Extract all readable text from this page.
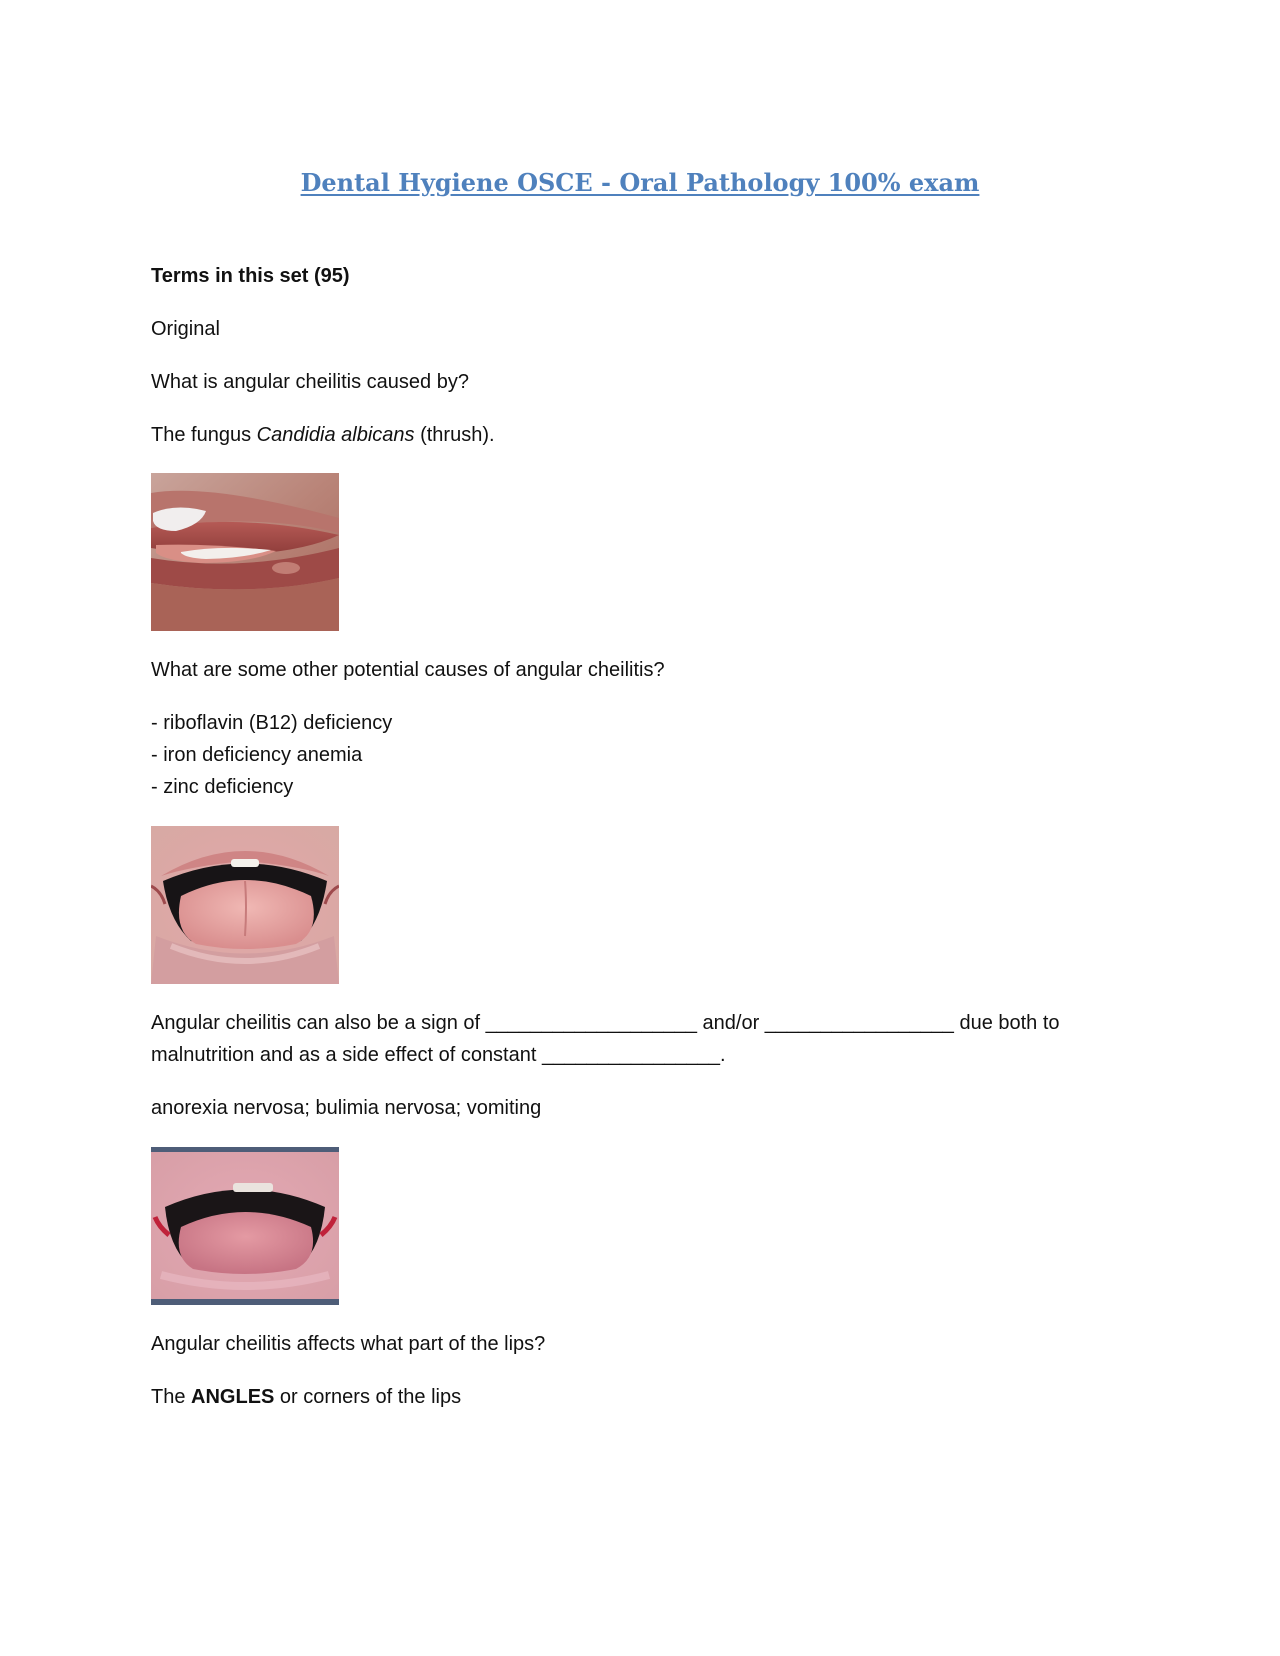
Dental Hygiene OSCE - Oral Pathology 100% exam
Terms in this set (95)
Original
What is angular cheilitis caused by?
The fungus Candidia albicans (thrush).
What are some other potential causes of angular cheilitis?
- riboflavin (B12) deficiency
- iron deficiency anemia
- zinc deficiency
Angular cheilitis can also be a sign of ___________________ and/or _________________ due both to
malnutrition and as a side effect of constant ________________.
anorexia nervosa; bulimia nervosa; vomiting
Angular cheilitis affects what part of the lips?
The ANGLES or corners of the lips
